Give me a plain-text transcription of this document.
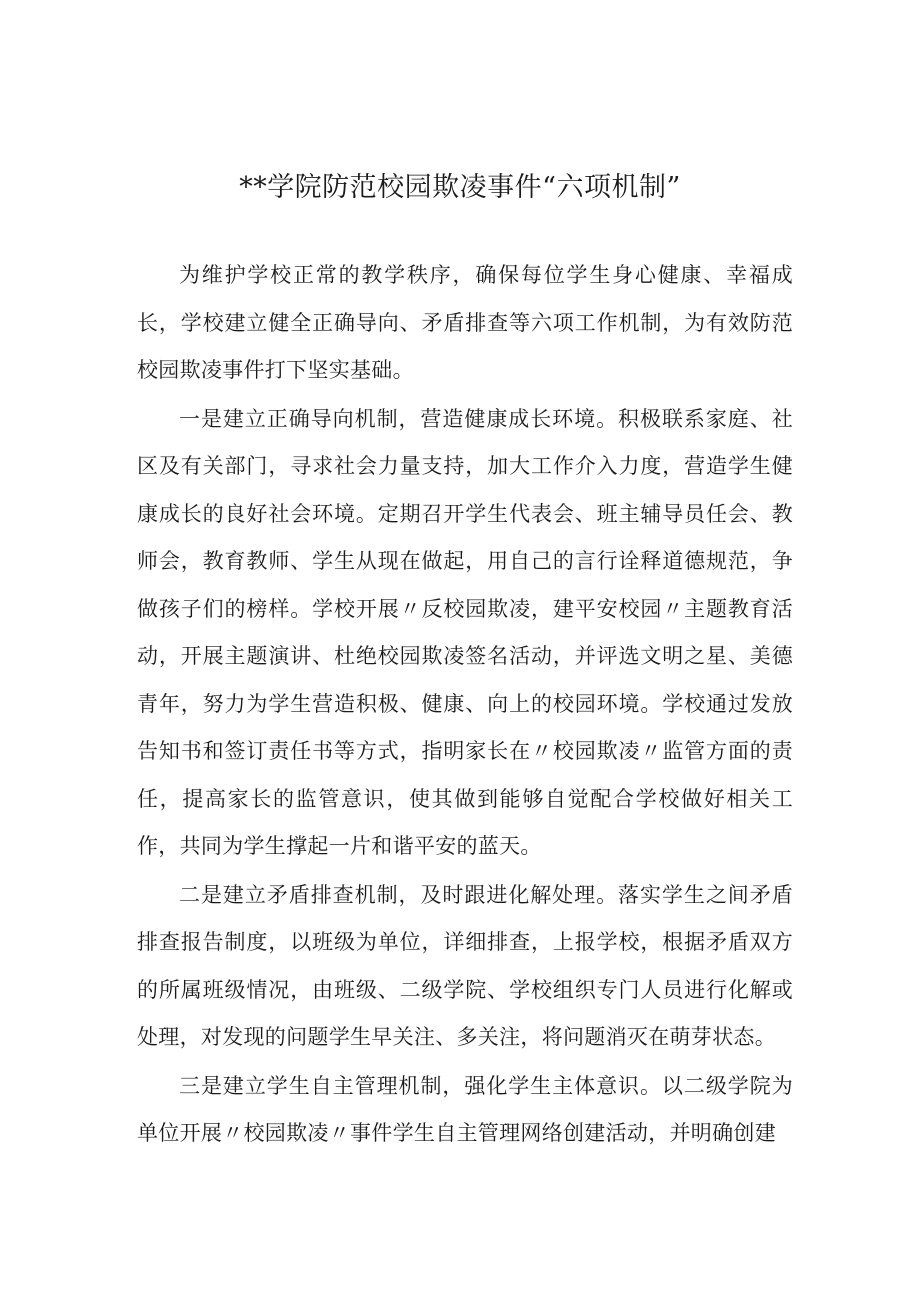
**学院防范校园欺凌事件“六项机制”

为维护学校正常的教学秩序，确保每位学生身心健康、幸福成长，学校建立健全正确导向、矛盾排查等六项工作机制，为有效防范校园欺凌事件打下坚实基础。

一是建立正确导向机制，营造健康成长环境。积极联系家庭、社区及有关部门，寻求社会力量支持，加大工作介入力度，营造学生健康成长的良好社会环境。定期召开学生代表会、班主辅导员任会、教师会，教育教师、学生从现在做起，用自己的言行诠释道德规范，争做孩子们的榜样。学校开展〃反校园欺凌，建平安校园〃主题教育活动，开展主题演讲、杜绝校园欺凌签名活动，并评选文明之星、美德青年，努力为学生营造积极、健康、向上的校园环境。学校通过发放告知书和签订责任书等方式，指明家长在〃校园欺凌〃监管方面的责任，提高家长的监管意识，使其做到能够自觉配合学校做好相关工作，共同为学生撑起一片和谐平安的蓝天。

二是建立矛盾排查机制，及时跟进化解处理。落实学生之间矛盾排查报告制度，以班级为单位，详细排查，上报学校，根据矛盾双方的所属班级情况，由班级、二级学院、学校组织专门人员进行化解或处理，对发现的问题学生早关注、多关注，将问题消灭在萌芽状态。

三是建立学生自主管理机制，强化学生主体意识。以二级学院为单位开展〃校园欺凌〃事件学生自主管理网络创建活动，并明确创建
